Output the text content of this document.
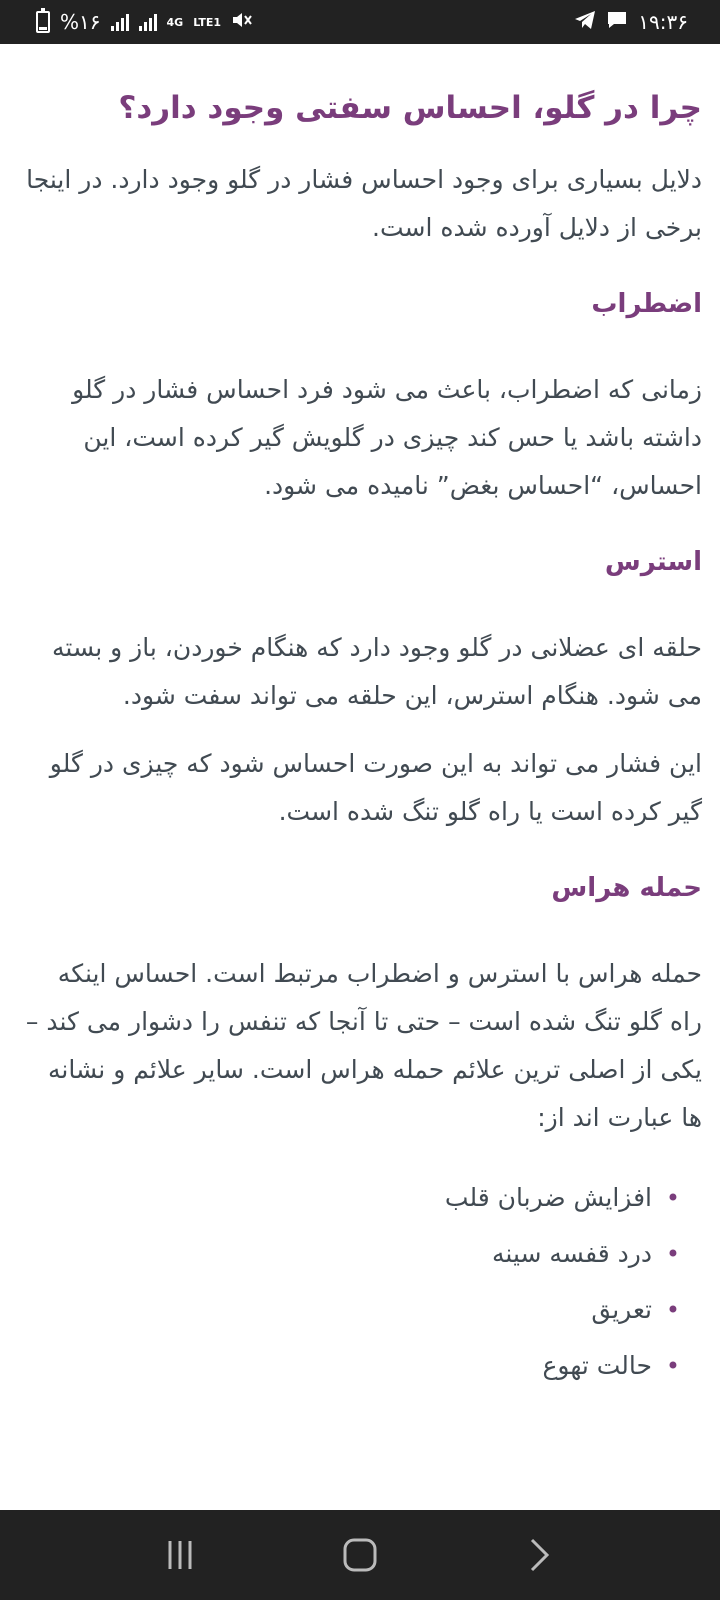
%۱۶	4G LTE1	۱۹:۳۶
چرا در گلو، احساس سفتی وجود دارد؟

دلایل بسیاری برای وجود احساس فشار در گلو وجود دارد. در اینجا برخی از دلایل آورده شده است.

اضطراب

زمانی که اضطراب، باعث می شود فرد احساس فشار در گلو داشته باشد یا حس کند چیزی در گلویش گیر کرده است، این احساس، “احساس بغض” نامیده می شود.

استرس

حلقه ای عضلانی در گلو وجود دارد که هنگام خوردن، باز و بسته می شود. هنگام استرس، این حلقه می تواند سفت شود.

این فشار می تواند به این صورت احساس شود که چیزی در گلو گیر کرده است یا راه گلو تنگ شده است.

حمله هراس

حمله هراس با استرس و اضطراب مرتبط است. احساس اینکه راه گلو تنگ شده است – حتی تا آنجا که تنفس را دشوار می کند – یکی از اصلی ترین علائم حمله هراس است. سایر علائم و نشانه ها عبارت اند از:

• افزایش ضربان قلب
• درد قفسه سینه
• تعریق
• حالت تهوع
